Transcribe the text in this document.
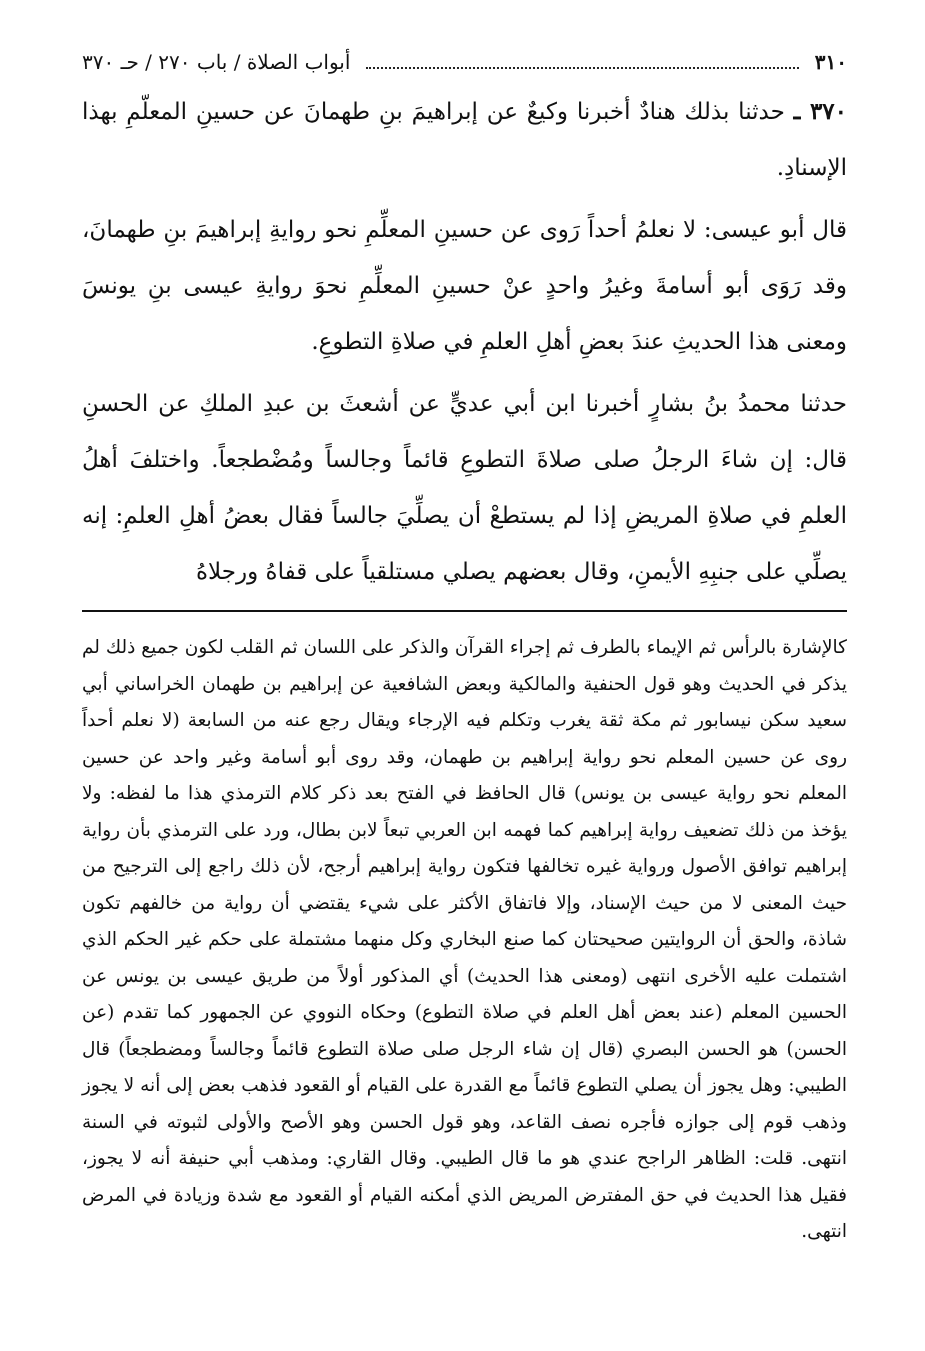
٣١٠
أبواب الصلاة / باب ٢٧٠ / حـ ٣٧٠

٣٧٠ ـ حدثنا بذلك هنادٌ أخبرنا وكيعٌ عن إبراهيمَ بنِ طهمانَ عن حسينِ المعلّمِ بهذا الإسنادِ.

قال أبو عيسى: لا نعلمُ أحداً رَوى عن حسينِ المعلِّمِ نحو روايةِ إبراهيمَ بنِ طهمانَ، وقد رَوَى أبو أسامةَ وغيرُ واحدٍ عنْ حسينِ المعلِّمِ نحوَ روايةِ عيسى بنِ يونسَ ومعنى هذا الحديثِ عندَ بعضِ أهلِ العلمِ في صلاةِ التطوعِ.

حدثنا محمدُ بنُ بشارٍ أخبرنا ابن أبي عديٍّ عن أشعثَ بن عبدِ الملكِ عن الحسنِ قال: إن شاءَ الرجلُ صلى صلاةَ التطوعِ قائماً وجالساً ومُضْطجعاً. واختلفَ أهلُ العلمِ في صلاةِ المريضِ إذا لم يستطعْ أن يصلِّيَ جالساً فقال بعضُ أهلِ العلمِ: إنه يصلِّي على جنبِهِ الأيمنِ، وقال بعضهم يصلي مستلقياً على قفاهُ ورجلاهُ

كالإشارة بالرأس ثم الإيماء بالطرف ثم إجراء القرآن والذكر على اللسان ثم القلب لكون جميع ذلك لم يذكر في الحديث وهو قول الحنفية والمالكية وبعض الشافعية عن إبراهيم بن طهمان الخراساني أبي سعيد سكن نيسابور ثم مكة ثقة يغرب وتكلم فيه الإرجاء ويقال رجع عنه من السابعة (لا نعلم أحداً روى عن حسين المعلم نحو رواية إبراهيم بن طهمان، وقد روى أبو أسامة وغير واحد عن حسين المعلم نحو رواية عيسى بن يونس) قال الحافظ في الفتح بعد ذكر كلام الترمذي هذا ما لفظه: ولا يؤخذ من ذلك تضعيف رواية إبراهيم كما فهمه ابن العربي تبعاً لابن بطال، ورد على الترمذي بأن رواية إبراهيم توافق الأصول ورواية غيره تخالفها فتكون رواية إبراهيم أرجح، لأن ذلك راجع إلى الترجيح من حيث المعنى لا من حيث الإسناد، وإلا فاتفاق الأكثر على شيء يقتضي أن رواية من خالفهم تكون شاذة، والحق أن الروايتين صحيحتان كما صنع البخاري وكل منهما مشتملة على حكم غير الحكم الذي اشتملت عليه الأخرى انتهى (ومعنى هذا الحديث) أي المذكور أولاً من طريق عيسى بن يونس عن الحسين المعلم (عند بعض أهل العلم في صلاة التطوع) وحكاه النووي عن الجمهور كما تقدم (عن الحسن) هو الحسن البصري (قال إن شاء الرجل صلى صلاة التطوع قائماً وجالساً ومضطجعاً) قال الطيبي: وهل يجوز أن يصلي التطوع قائماً مع القدرة على القيام أو القعود فذهب بعض إلى أنه لا يجوز وذهب قوم إلى جوازه فأجره نصف القاعد، وهو قول الحسن وهو الأصح والأولى لثبوته في السنة انتهى. قلت: الظاهر الراجح عندي هو ما قال الطيبي. وقال القاري: ومذهب أبي حنيفة أنه لا يجوز، فقيل هذا الحديث في حق المفترض المريض الذي أمكنه القيام أو القعود مع شدة وزيادة في المرض انتهى.
